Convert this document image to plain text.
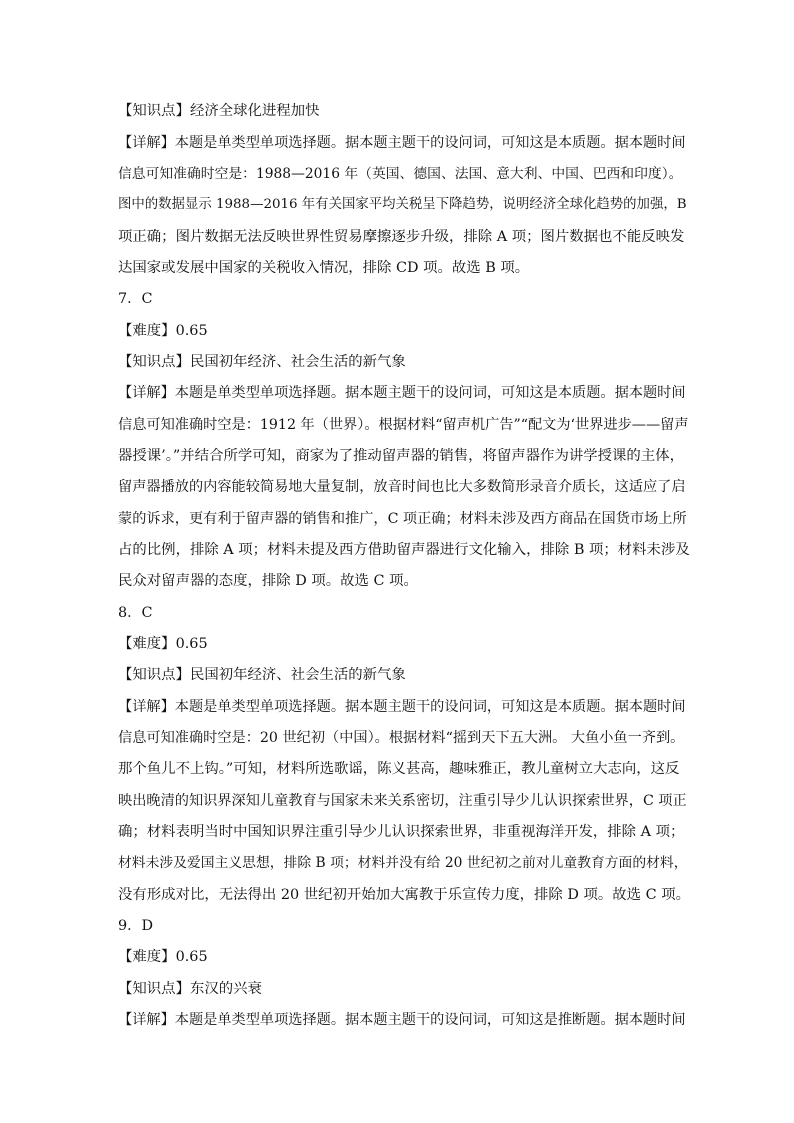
【知识点】经济全球化进程加快
【详解】本题是单类型单项选择题。据本题主题干的设问词，可知这是本质题。据本题时间
信息可知准确时空是：1988—2016 年（英国、德国、法国、意大利、中国、巴西和印度）。
图中的数据显示 1988—2016 年有关国家平均关税呈下降趋势，说明经济全球化趋势的加强，B
项正确；图片数据无法反映世界性贸易摩擦逐步升级，排除 A 项；图片数据也不能反映发
达国家或发展中国家的关税收入情况，排除 CD 项。故选 B 项。
7．C
【难度】0.65
【知识点】民国初年经济、社会生活的新气象
【详解】本题是单类型单项选择题。据本题主题干的设问词，可知这是本质题。据本题时间
信息可知准确时空是：1912 年（世界）。根据材料“留声机广告”“配文为‘世界进步——留声
器授课’。”并结合所学可知，商家为了推动留声器的销售，将留声器作为讲学授课的主体，
留声器播放的内容能较简易地大量复制，放音时间也比大多数简形录音介质长，这适应了启
蒙的诉求，更有利于留声器的销售和推广，C 项正确；材料未涉及西方商品在国货市场上所
占的比例，排除 A 项；材料未提及西方借助留声器进行文化输入，排除 B 项；材料未涉及
民众对留声器的态度，排除 D 项。故选 C 项。
8．C
【难度】0.65
【知识点】民国初年经济、社会生活的新气象
【详解】本题是单类型单项选择题。据本题主题干的设问词，可知这是本质题。据本题时间
信息可知准确时空是：20 世纪初（中国）。根据材料“摇到天下五大洲。 大鱼小鱼一齐到。
那个鱼儿不上钩。”可知，材料所选歌谣，陈义甚高，趣味雅正，教儿童树立大志向，这反
映出晚清的知识界深知儿童教育与国家未来关系密切，注重引导少儿认识探索世界，C 项正
确；材料表明当时中国知识界注重引导少儿认识探索世界，非重视海洋开发，排除 A 项；
材料未涉及爱国主义思想，排除 B 项；材料并没有给 20 世纪初之前对儿童教育方面的材料，
没有形成对比，无法得出 20 世纪初开始加大寓教于乐宣传力度，排除 D 项。故选 C 项。
9．D
【难度】0.65
【知识点】东汉的兴衰
【详解】本题是单类型单项选择题。据本题主题干的设问词，可知这是推断题。据本题时间
